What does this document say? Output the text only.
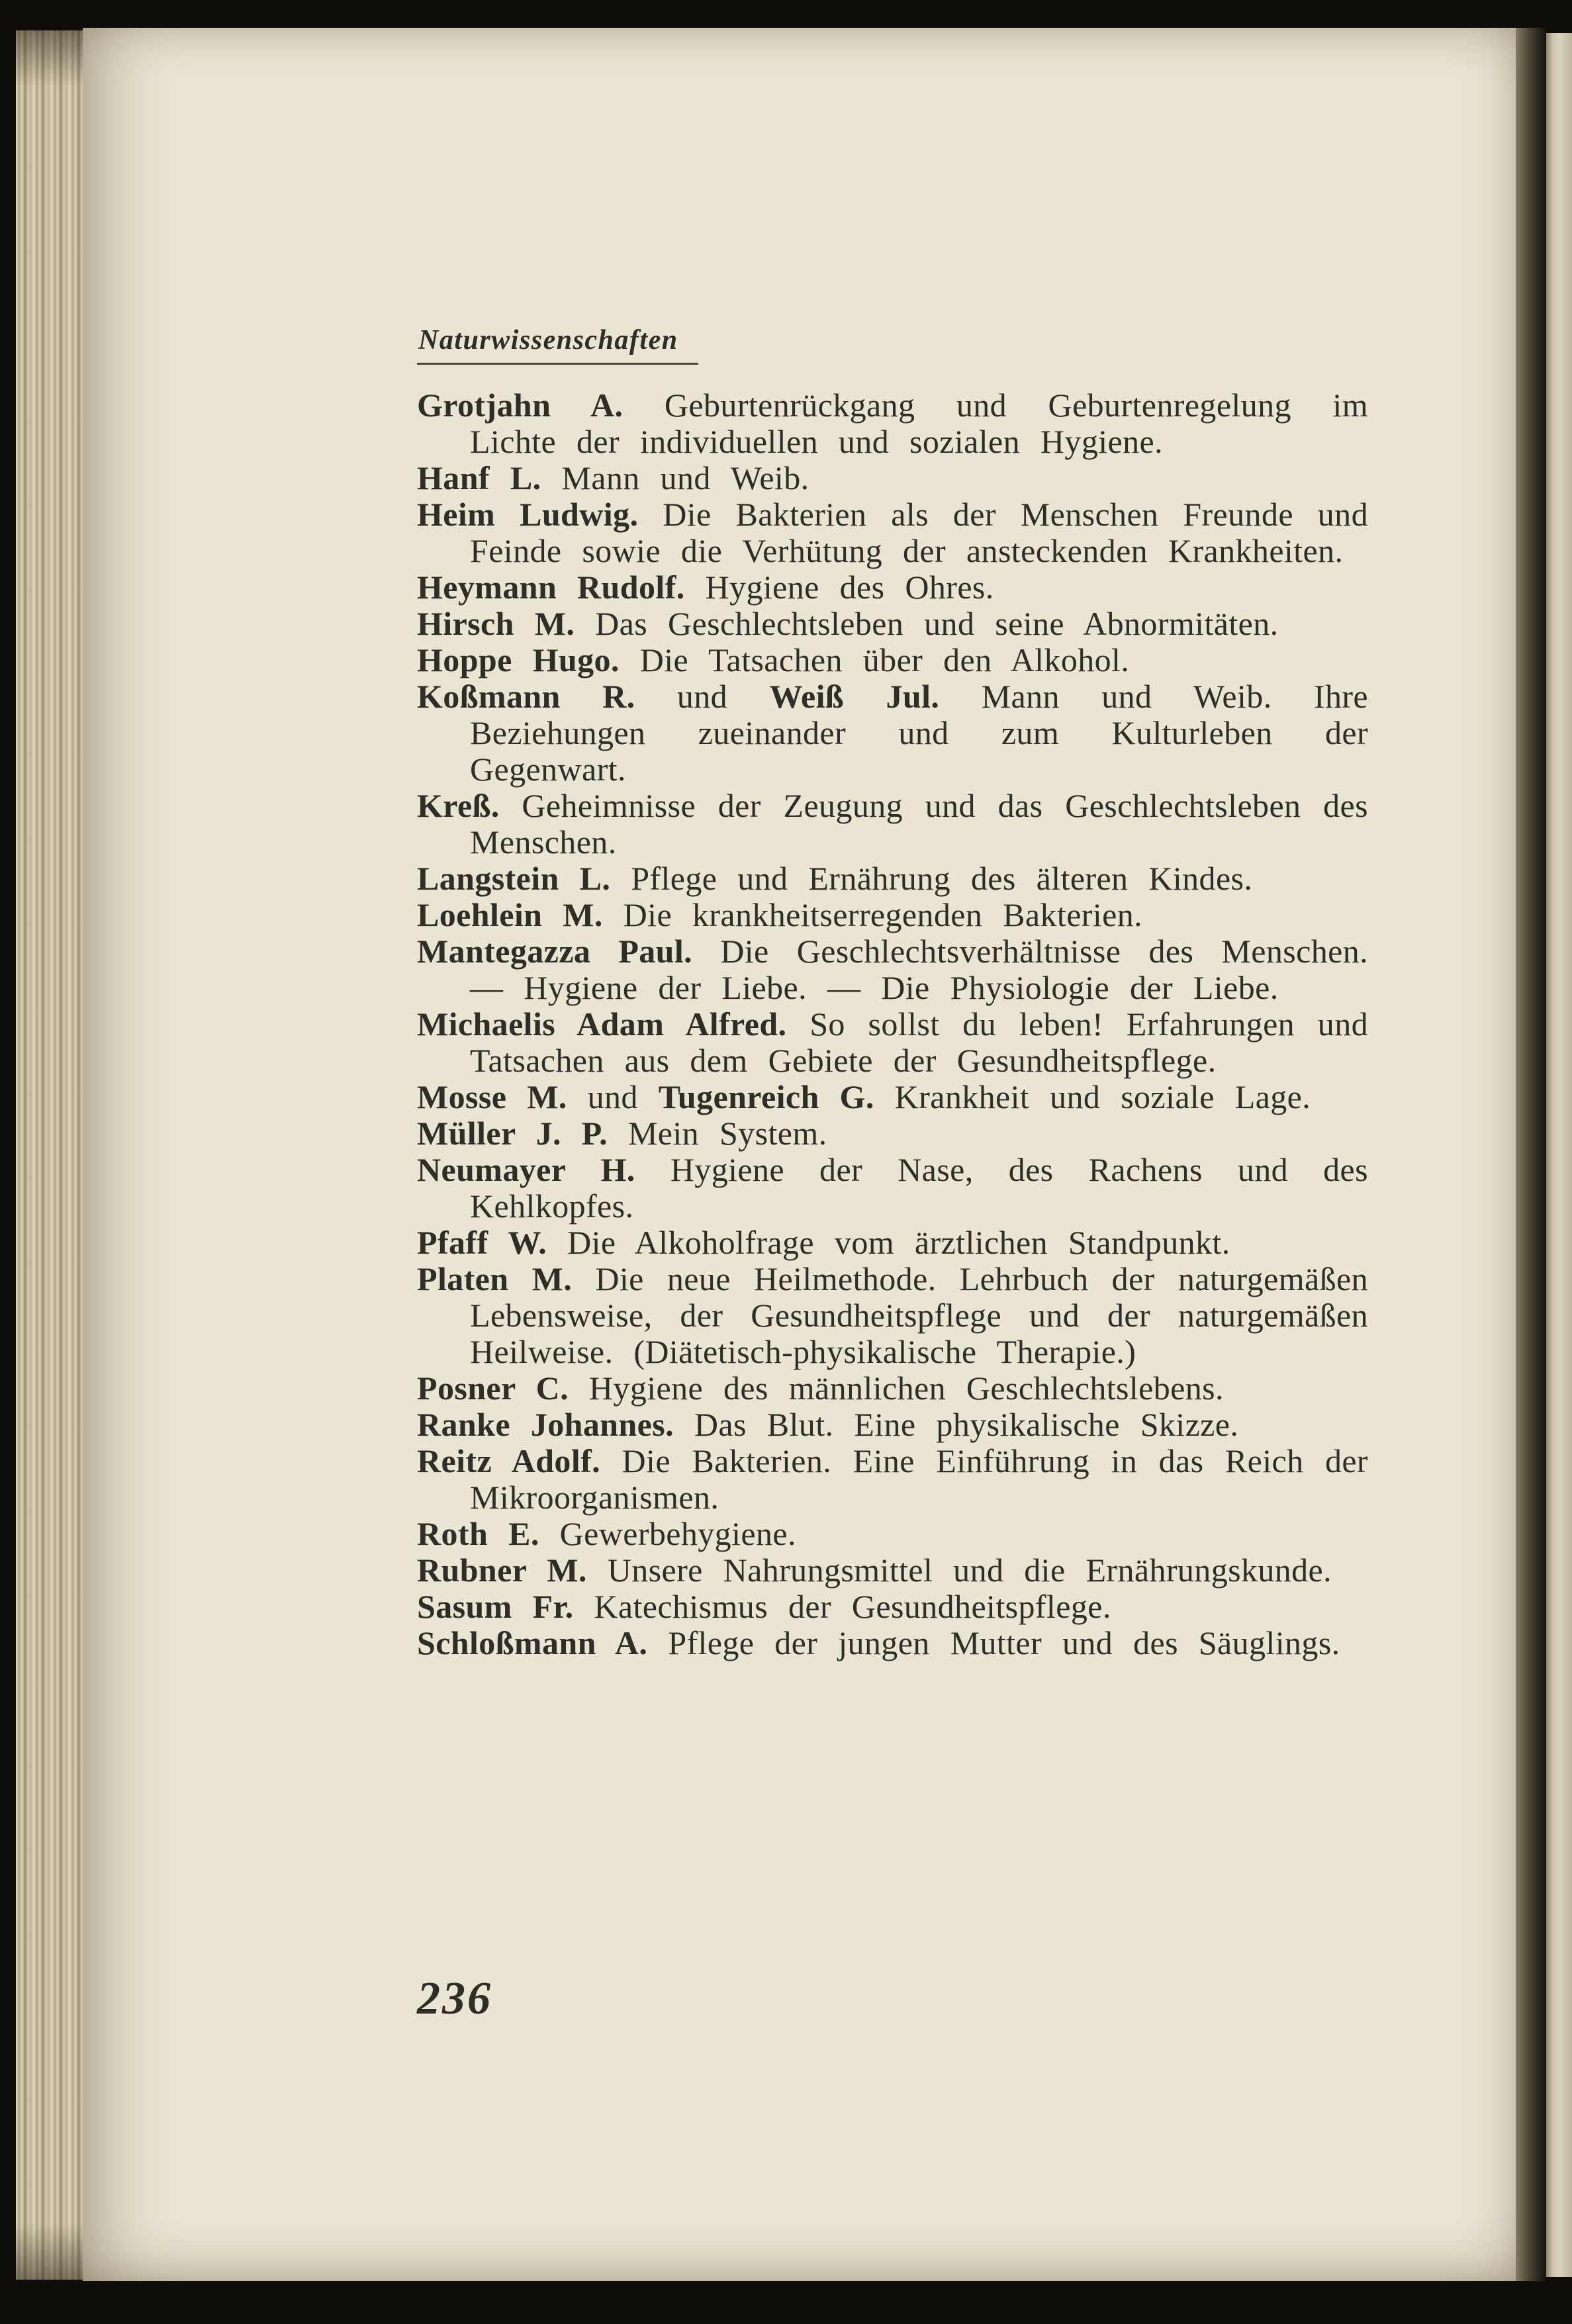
Naturwissenschaften
Grotjahn A. Geburtenrückgang und Geburtenregelung im Lichte der individuellen und sozialen Hygiene.
Hanf L. Mann und Weib.
Heim Ludwig. Die Bakterien als der Menschen Freunde und Feinde sowie die Verhütung der ansteckenden Krankheiten.
Heymann Rudolf. Hygiene des Ohres.
Hirsch M. Das Geschlechtsleben und seine Abnormitäten.
Hoppe Hugo. Die Tatsachen über den Alkohol.
Koßmann R. und Weiß Jul. Mann und Weib. Ihre Beziehungen zueinander und zum Kulturleben der Gegenwart.
Kreß. Geheimnisse der Zeugung und das Geschlechtsleben des Menschen.
Langstein L. Pflege und Ernährung des älteren Kindes.
Loehlein M. Die krankheitserregenden Bakterien.
Mantegazza Paul. Die Geschlechtsverhältnisse des Menschen. — Hygiene der Liebe. — Die Physiologie der Liebe.
Michaelis Adam Alfred. So sollst du leben! Erfahrungen und Tatsachen aus dem Gebiete der Gesundheitspflege.
Mosse M. und Tugenreich G. Krankheit und soziale Lage.
Müller J. P. Mein System.
Neumayer H. Hygiene der Nase, des Rachens und des Kehlkopfes.
Pfaff W. Die Alkoholfrage vom ärztlichen Standpunkt.
Platen M. Die neue Heilmethode. Lehrbuch der naturgemäßen Lebensweise, der Gesundheitspflege und der naturgemäßen Heilweise. (Diätetisch-physikalische Therapie.)
Posner C. Hygiene des männlichen Geschlechtslebens.
Ranke Johannes. Das Blut. Eine physikalische Skizze.
Reitz Adolf. Die Bakterien. Eine Einführung in das Reich der Mikroorganismen.
Roth E. Gewerbehygiene.
Rubner M. Unsere Nahrungsmittel und die Ernährungskunde.
Sasum Fr. Katechismus der Gesundheitspflege.
Schloßmann A. Pflege der jungen Mutter und des Säuglings.
236
